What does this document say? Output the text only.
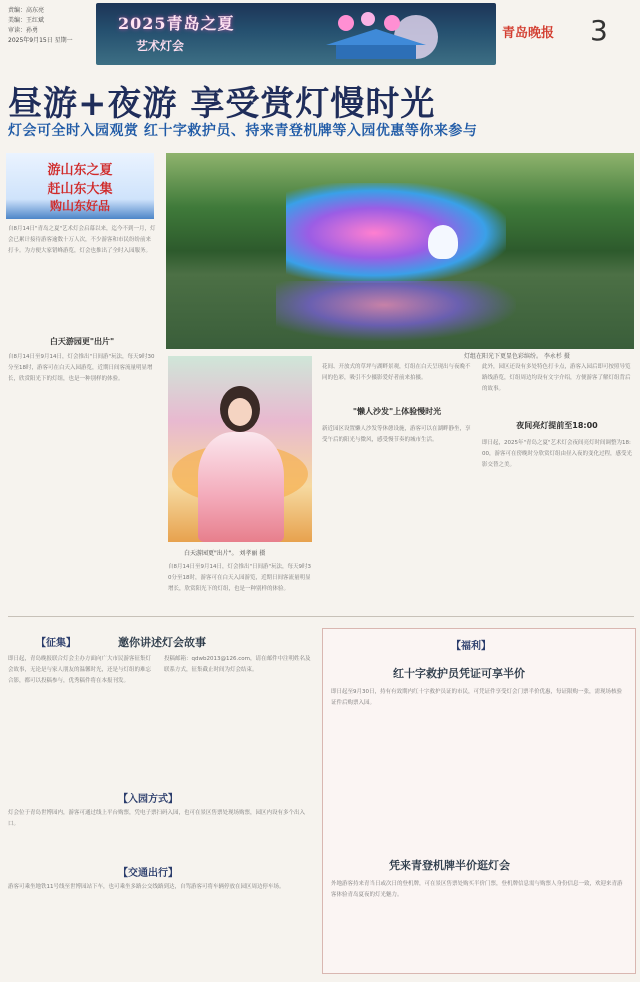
责编：高东亮
美编：王红斌
审读：孙勇
2025年9月15日 星期一
2025青岛之夏
艺术灯会
青岛晚报 3
昼游+夜游 享受赏灯慢时光
灯会可全时入园观赏 红十字救护员、持来青登机牌等入园优惠等你来参与
游山东之夏
赶山东大集
购山东好品
灯组在阳光下更显色彩缤纷。 李永杉 摄
自8月14日"青岛之夏"艺术灯会启幕以来，迄今不到一月，灯会已累计接待游客逾数十万人次，不少游客和市民纷纷前来打卡。为方便大家错峰游览，灯会也推出了全时入园服务。
白天游园更"出片"
自8月14日至9月14日，灯会推出"日间游"玩法，每天9时30分至18时，游客可在白天入园游览，近期日间客流量明显增长，欣赏阳光下的灯组，也是一种别样的体验。
白天游园更"出片"。 刘孝丽 摄
自8月14日至9月14日，灯会推出"日间游"玩法，每天9时30分至18时，游客可在白天入园游览，近期日间客流量明显增长，欣赏阳光下的灯组，也是一种别样的体验。
花间、开放式的草坪与湖畔景观，灯组在白天呈现出与夜晚不同的色彩，吸引不少摄影爱好者前来拍摄。
"懒人沙发"上体验慢时光
新近园区设置懒人沙发等休憩设施，游客可以在湖畔静坐，享受午后的阳光与微风，感受慢节奏的城市生活。
此外，园区还设有多处特色打卡点，游客入园后即可按照导览路线游览，灯组周边均设有文字介绍，方便游客了解灯组背后的故事。
夜间亮灯提前至18:00
即日起，2025年"青岛之夏"艺术灯会夜间亮灯时间调整为18:00，游客可在傍晚时分欣赏灯组由昼入夜的变化过程，感受光影交替之美。
【征集】	邀你讲述灯会故事
即日起，青岛晚报联合灯会主办方面向广大市民游客征集灯会故事，无论是与家人朋友的温馨时光，还是与灯组的难忘合影，都可以投稿参与，优秀稿件将在本报刊发。
投稿邮箱：qdwb2013@126.com，请在邮件中注明姓名及联系方式，征集截止时间为灯会结束。
【入园方式】
灯会位于青岛世博园内，游客可通过线上平台购票，凭电子票扫码入园，也可在景区售票处现场购票，园区内设有多个出入口。
【交通出行】
游客可乘坐地铁11号线至世博园站下车，也可乘坐多路公交线路到达，自驾游客可将车辆停放在园区周边停车场。
【福利】
红十字救护员凭证可享半价
即日起至9月30日，持有有效期内红十字救护员证的市民，可凭证件享受灯会门票半价优惠，每证限购一张，需现场核验证件后购票入园。
凭来青登机牌半价逛灯会
外地游客持来青当日或次日的登机牌，可在景区售票处购买半价门票，登机牌信息需与购票人身份信息一致，欢迎来青游客体验青岛夏夜的灯光魅力。
